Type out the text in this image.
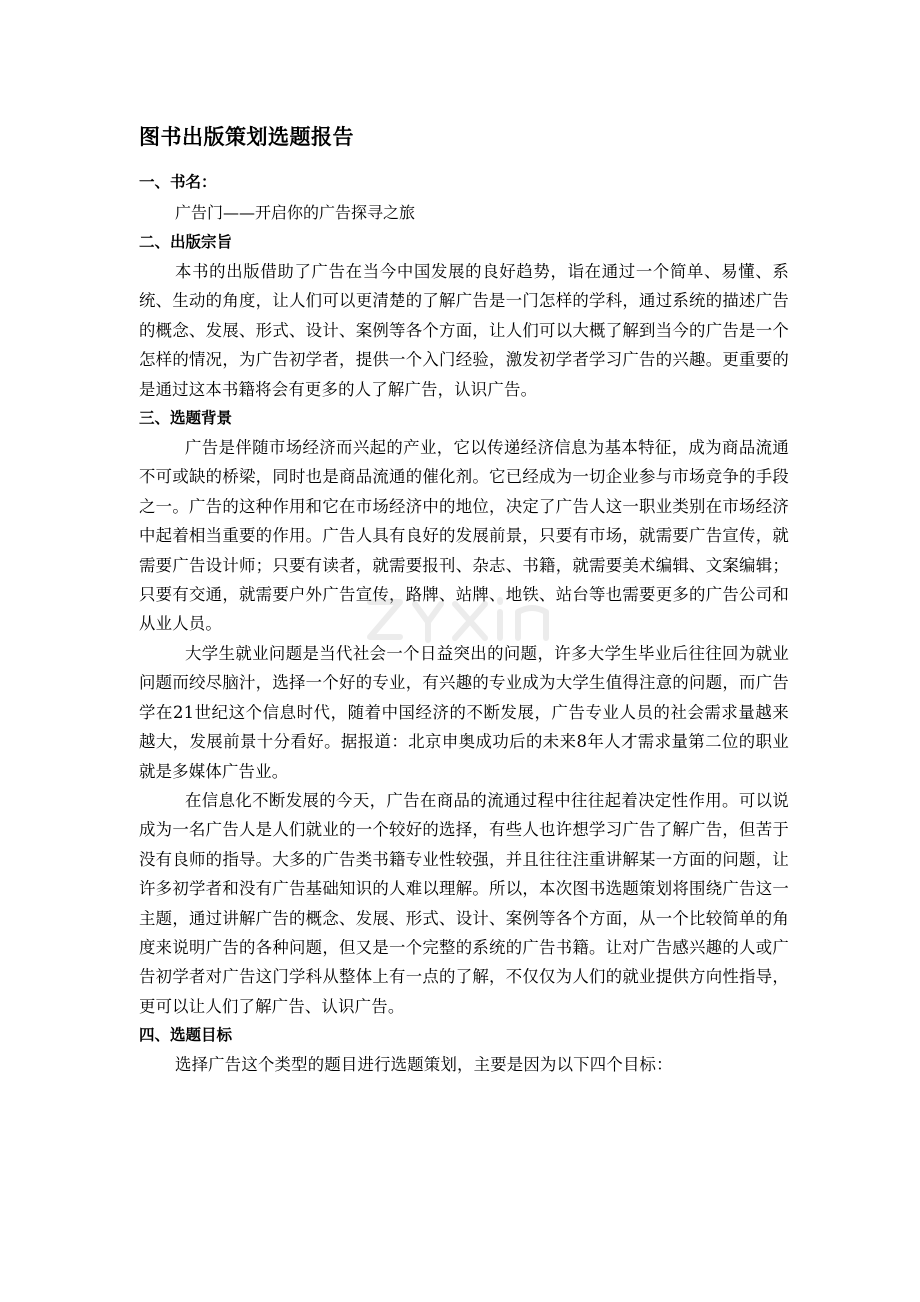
图书出版策划选题报告
一、书名：

广告门——开启你的广告探寻之旅

二、出版宗旨

本书的出版借助了广告在当今中国发展的良好趋势，诣在通过一个简单、易懂、系统、生动的角度，让人们可以更清楚的了解广告是一门怎样的学科，通过系统的描述广告的概念、发展、形式、设计、案例等各个方面，让人们可以大概了解到当今的广告是一个怎样的情况，为广告初学者，提供一个入门经验，激发初学者学习广告的兴趣。更重要的是通过这本书籍将会有更多的人了解广告，认识广告。

三、选题背景

广告是伴随市场经济而兴起的产业，它以传递经济信息为基本特征，成为商品流通不可或缺的桥梁，同时也是商品流通的催化剂。它已经成为一切企业参与市场竞争的手段之一。广告的这种作用和它在市场经济中的地位，决定了广告人这一职业类别在市场经济中起着相当重要的作用。广告人具有良好的发展前景，只要有市场，就需要广告宣传，就需要广告设计师；只要有读者，就需要报刊、杂志、书籍，就需要美术编辑、文案编辑；只要有交通，就需要户外广告宣传，路牌、站牌、地铁、站台等也需要更多的广告公司和从业人员。

大学生就业问题是当代社会一个日益突出的问题，许多大学生毕业后往往回为就业问题而绞尽脑汁，选择一个好的专业，有兴趣的专业成为大学生值得注意的问题，而广告学在21世纪这个信息时代，随着中国经济的不断发展，广告专业人员的社会需求量越来越大，发展前景十分看好。据报道：北京申奥成功后的未来8年人才需求量第二位的职业就是多媒体广告业。

在信息化不断发展的今天，广告在商品的流通过程中往往起着决定性作用。可以说成为一名广告人是人们就业的一个较好的选择，有些人也许想学习广告了解广告，但苦于没有良师的指导。大多的广告类书籍专业性较强，并且往往注重讲解某一方面的问题，让许多初学者和没有广告基础知识的人难以理解。所以，本次图书选题策划将围绕广告这一主题，通过讲解广告的概念、发展、形式、设计、案例等各个方面，从一个比较简单的角度来说明广告的各种问题，但又是一个完整的系统的广告书籍。让对广告感兴趣的人或广告初学者对广告这门学科从整体上有一点的了解，不仅仅为人们的就业提供方向性指导，更可以让人们了解广告、认识广告。

四、选题目标

选择广告这个类型的题目进行选题策划，主要是因为以下四个目标：
